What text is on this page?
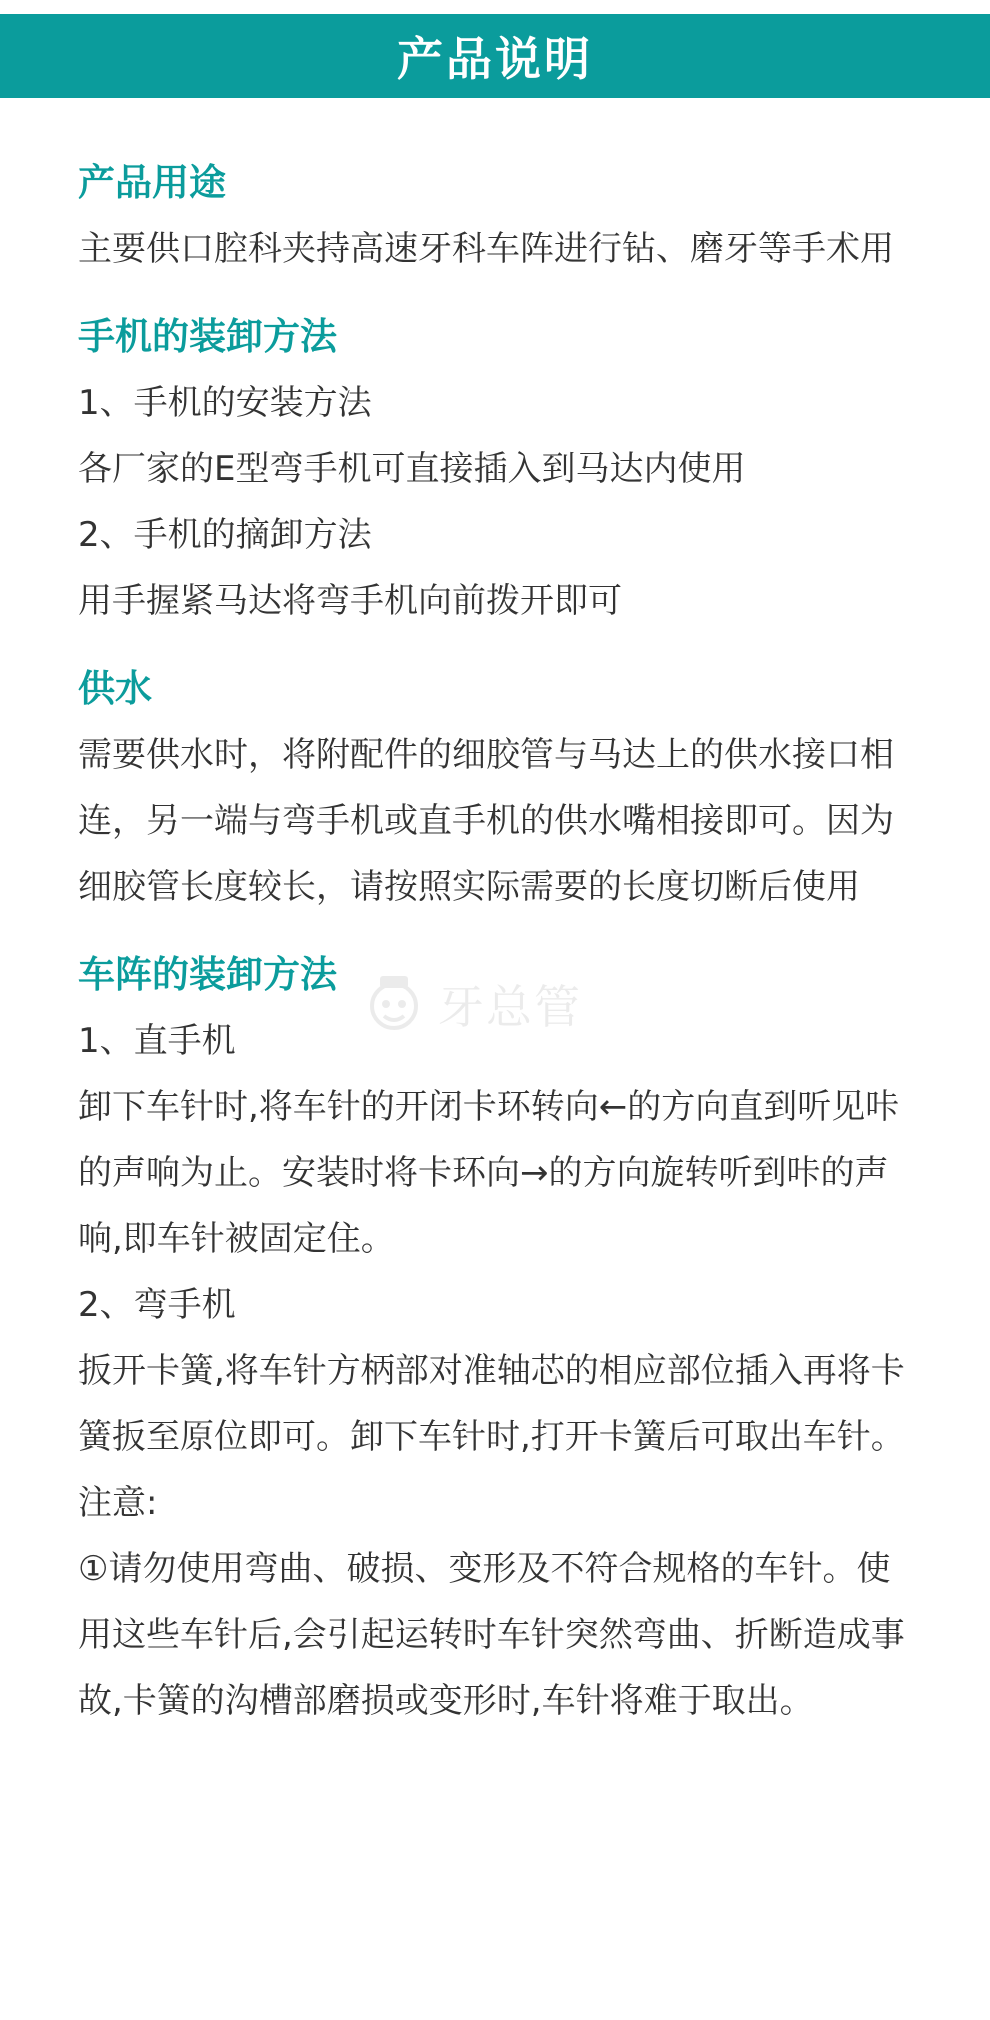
产品说明
产品用途
主要供口腔科夹持高速牙科车阵进行钻、磨牙等手术用
手机的装卸方法
1、手机的安装方法
各厂家的E型弯手机可直接插入到马达内使用
2、手机的摘卸方法
用手握紧马达将弯手机向前拨开即可
供水
需要供水时，将附配件的细胶管与马达上的供水接口相连，另一端与弯手机或直手机的供水嘴相接即可。因为细胶管长度较长，请按照实际需要的长度切断后使用
车阵的装卸方法
1、直手机
卸下车针时,将车针的开闭卡环转向←的方向直到听见咔的声响为止。安装时将卡环向→的方向旋转听到咔的声响,即车针被固定住。
2、弯手机
扳开卡簧,将车针方柄部对准轴芯的相应部位插入再将卡簧扳至原位即可。卸下车针时,打开卡簧后可取出车针。
注意:
①请勿使用弯曲、破损、变形及不符合规格的车针。使用这些车针后,会引起运转时车针突然弯曲、折断造成事故,卡簧的沟槽部磨损或变形时,车针将难于取出。
牙总管
